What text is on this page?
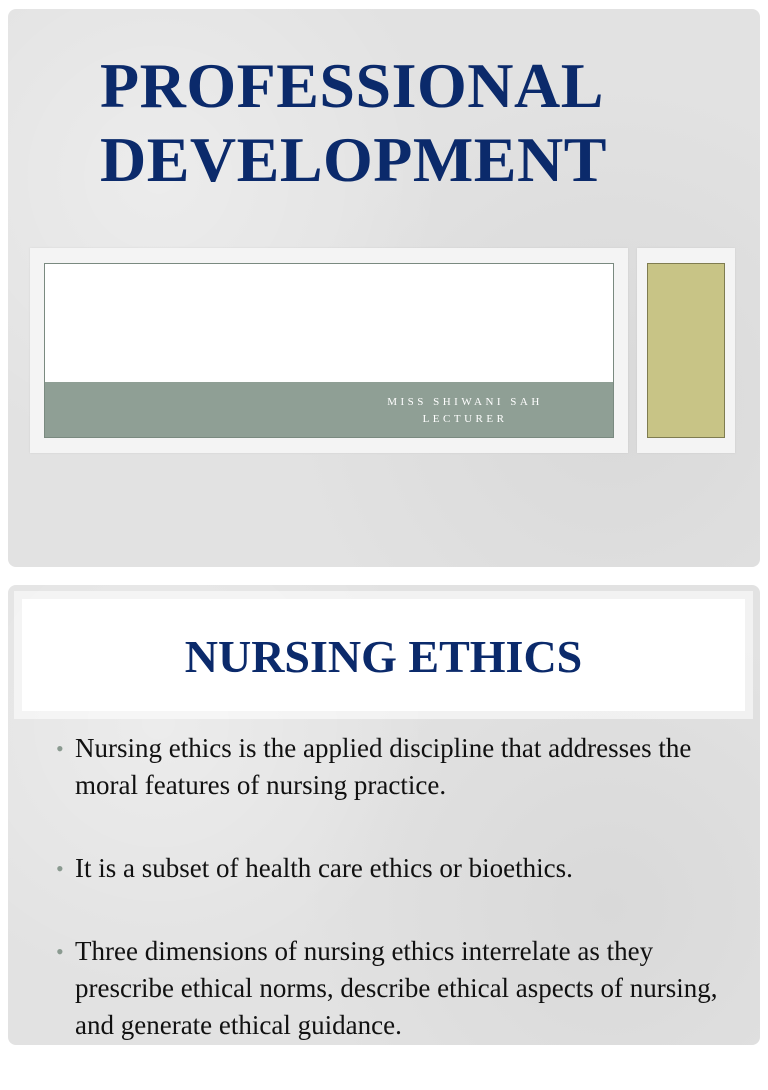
PROFESSIONAL
DEVELOPMENT
MISS SHIWANI SAH
LECTURER
NURSING ETHICS
• Nursing ethics is the applied discipline that addresses the moral features of nursing practice.
• It is a subset of health care ethics or bioethics.
• Three dimensions of nursing ethics interrelate as they prescribe ethical norms, describe ethical aspects of nursing, and generate ethical guidance.
